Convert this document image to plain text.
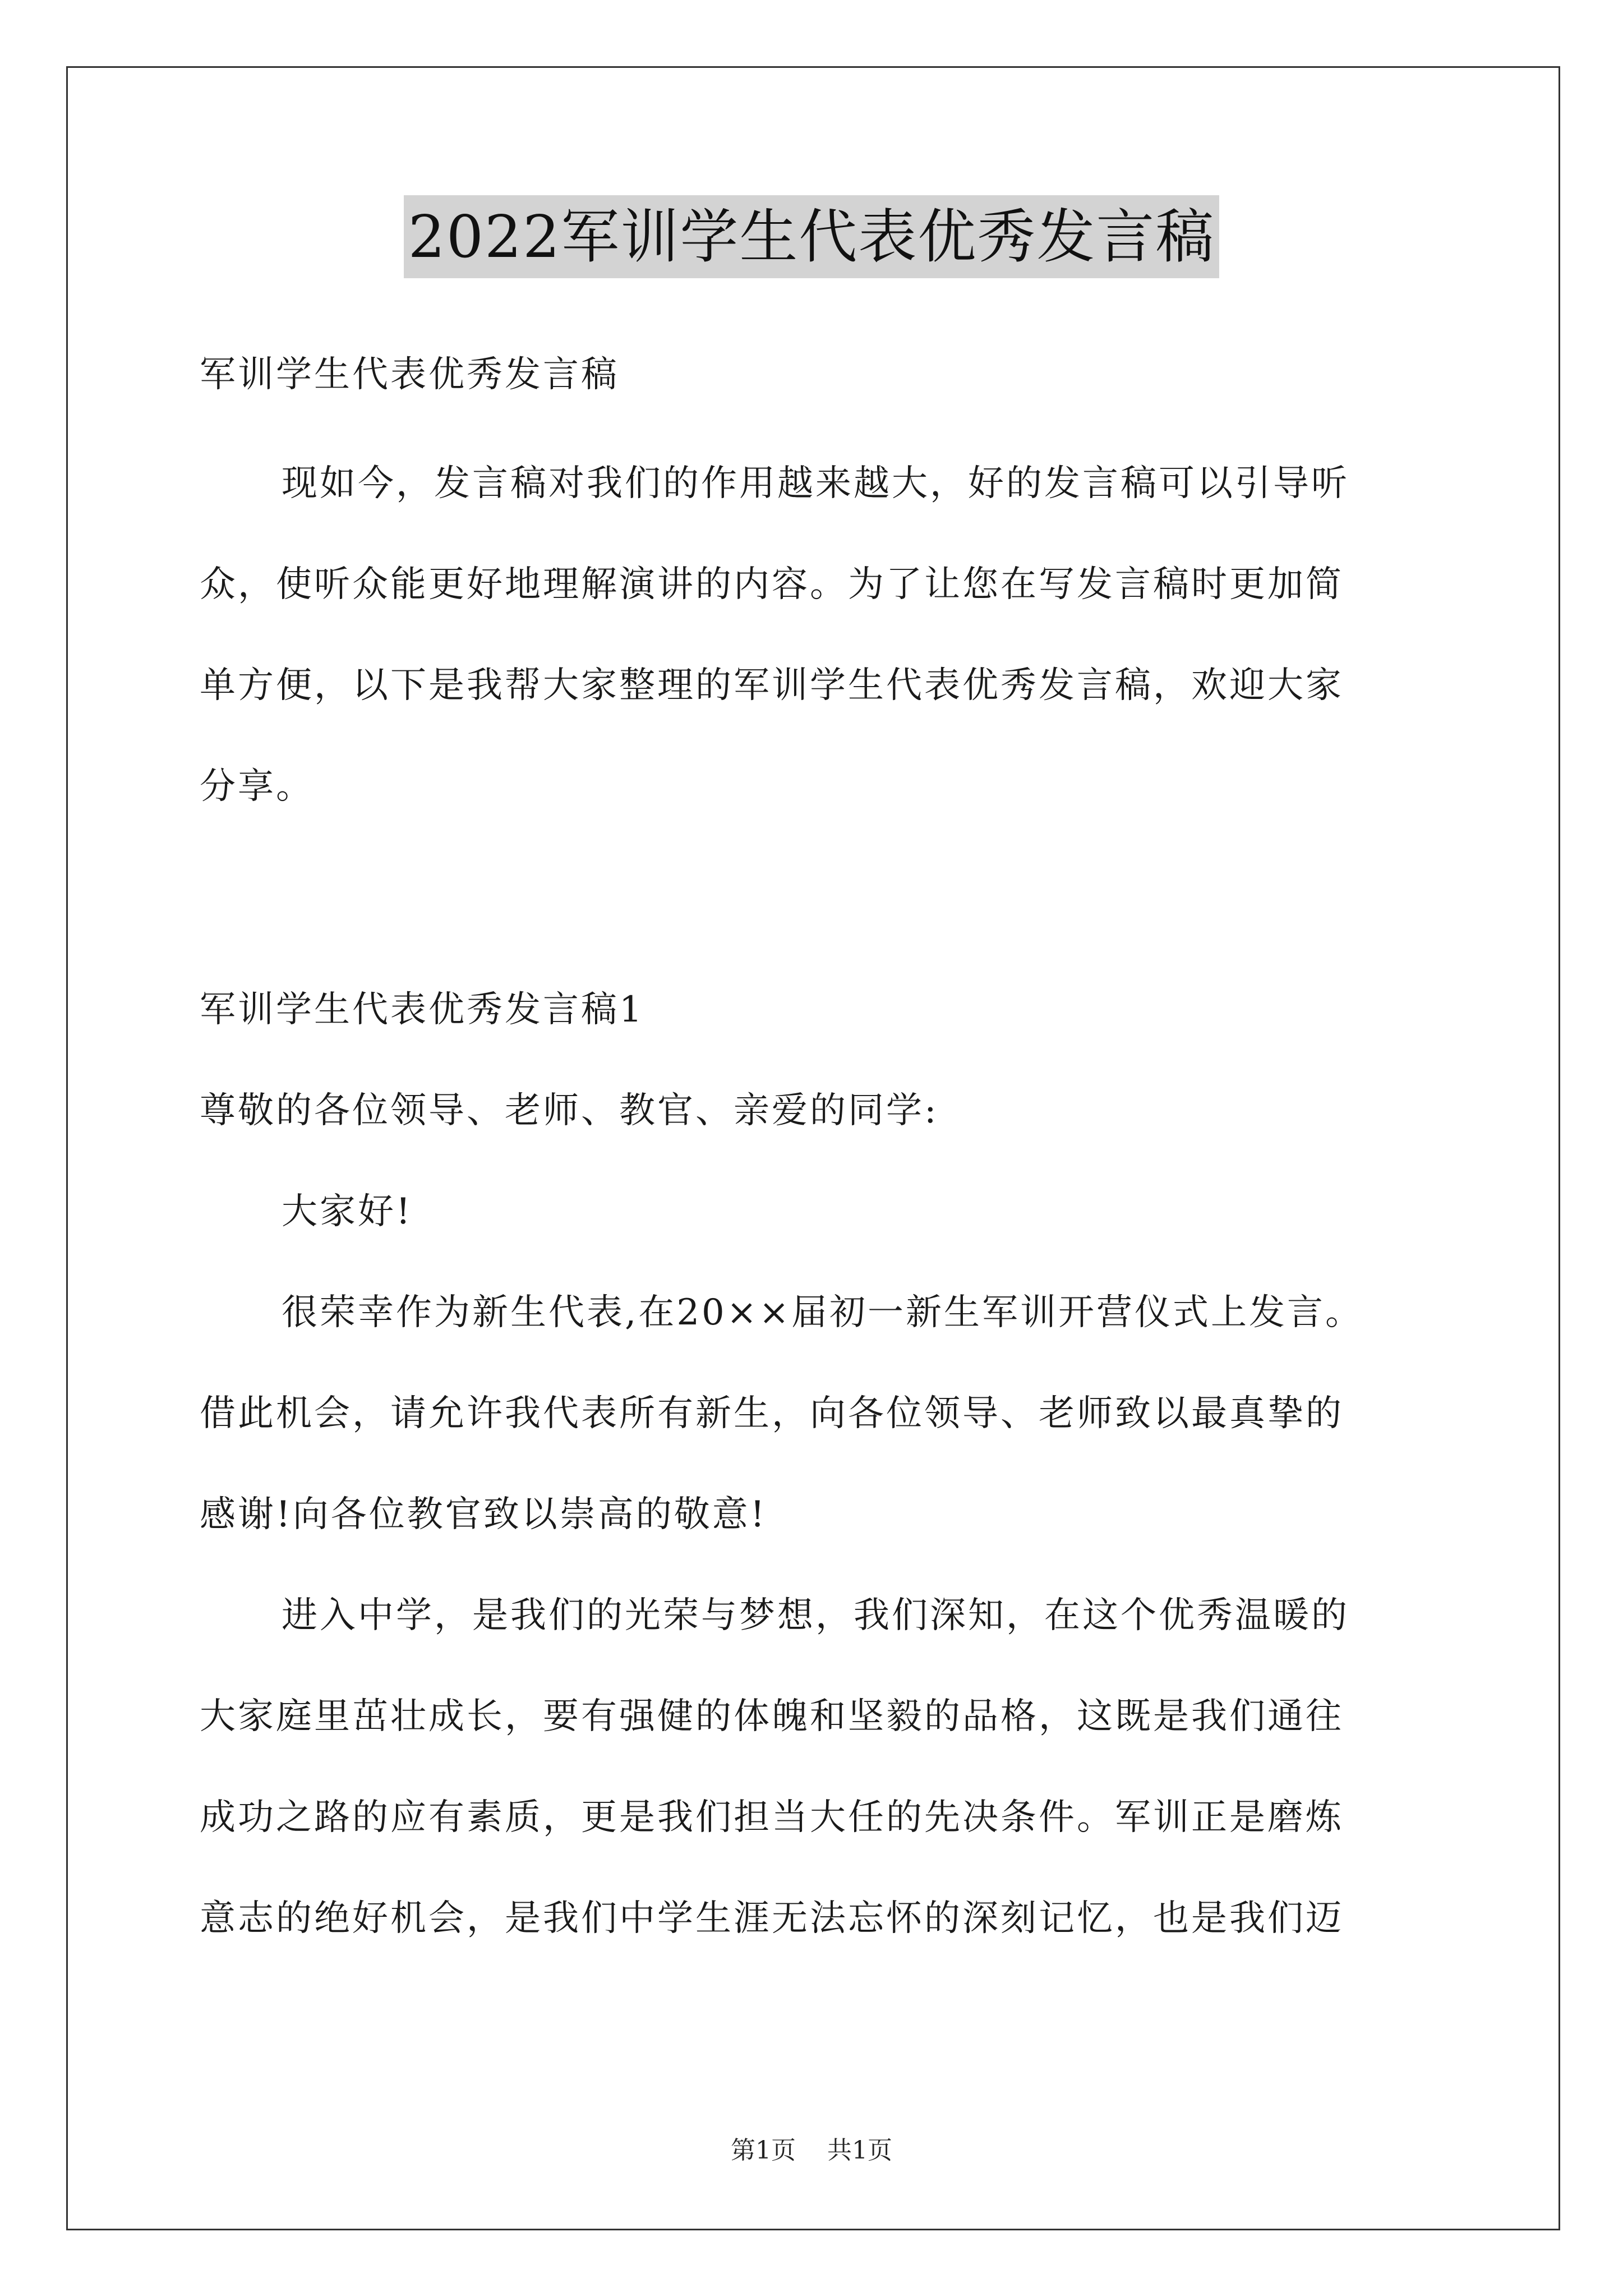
2022军训学生代表优秀发言稿
军训学生代表优秀发言稿
现如今，发言稿对我们的作用越来越大，好的发言稿可以引导听
众，使听众能更好地理解演讲的内容。为了让您在写发言稿时更加简
单方便，以下是我帮大家整理的军训学生代表优秀发言稿，欢迎大家
分享。
军训学生代表优秀发言稿1
尊敬的各位领导、老师、教官、亲爱的同学:
大家好!
很荣幸作为新生代表,在20××届初一新生军训开营仪式上发言。
借此机会，请允许我代表所有新生，向各位领导、老师致以最真挚的
感谢!向各位教官致以崇高的敬意!
进入中学，是我们的光荣与梦想，我们深知，在这个优秀温暖的
大家庭里茁壮成长，要有强健的体魄和坚毅的品格，这既是我们通往
成功之路的应有素质，更是我们担当大任的先决条件。军训正是磨炼
意志的绝好机会，是我们中学生涯无法忘怀的深刻记忆，也是我们迈
第1页 共1页
